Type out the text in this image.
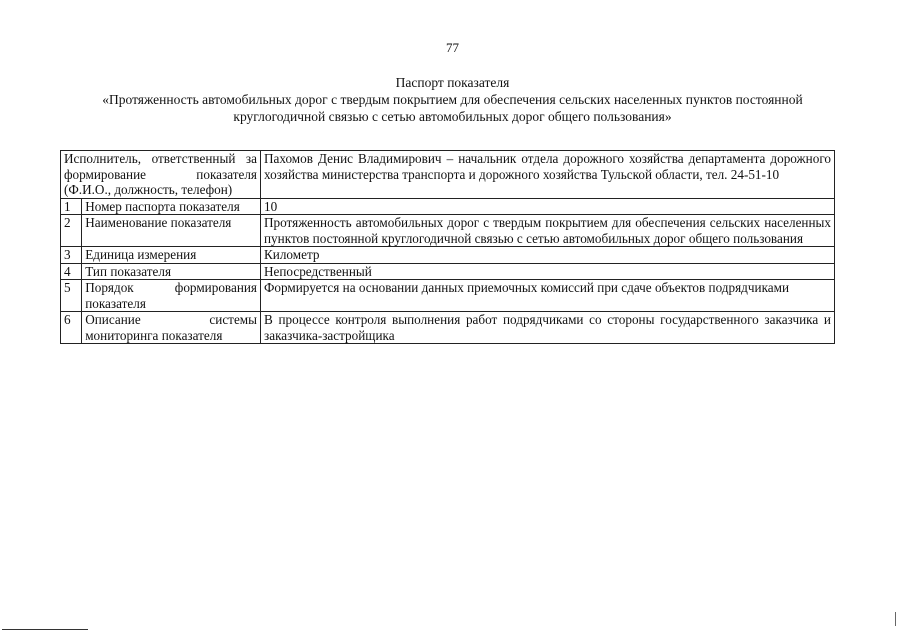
77
Паспорт показателя
«Протяженность автомобильных дорог с твердым покрытием для обеспечения сельских населенных пунктов постоянной
круглогодичной связью с сетью автомобильных дорог общего пользования»
Исполнитель, ответственный за формирование показателя (Ф.И.О., должность, телефон)		Пахомов Денис Владимирович – начальник отдела дорожного хозяйства департамента дорожного хозяйства министерства транспорта и дорожного хозяйства Тульской области, тел. 24-51-10
1	Номер паспорта показателя	10
2	Наименование показателя	Протяженность автомобильных дорог с твердым покрытием для обеспечения сельских населенных пунктов постоянной круглогодичной связью с сетью автомобильных дорог общего пользования
3	Единица измерения	Километр
4	Тип показателя	Непосредственный
5	Порядок формирования показателя	Формируется на основании данных приемочных комиссий при сдаче объектов подрядчиками
6	Описание системы мониторинга показателя	В процессе контроля выполнения работ подрядчиками со стороны государственного заказчика и заказчика-застройщика
